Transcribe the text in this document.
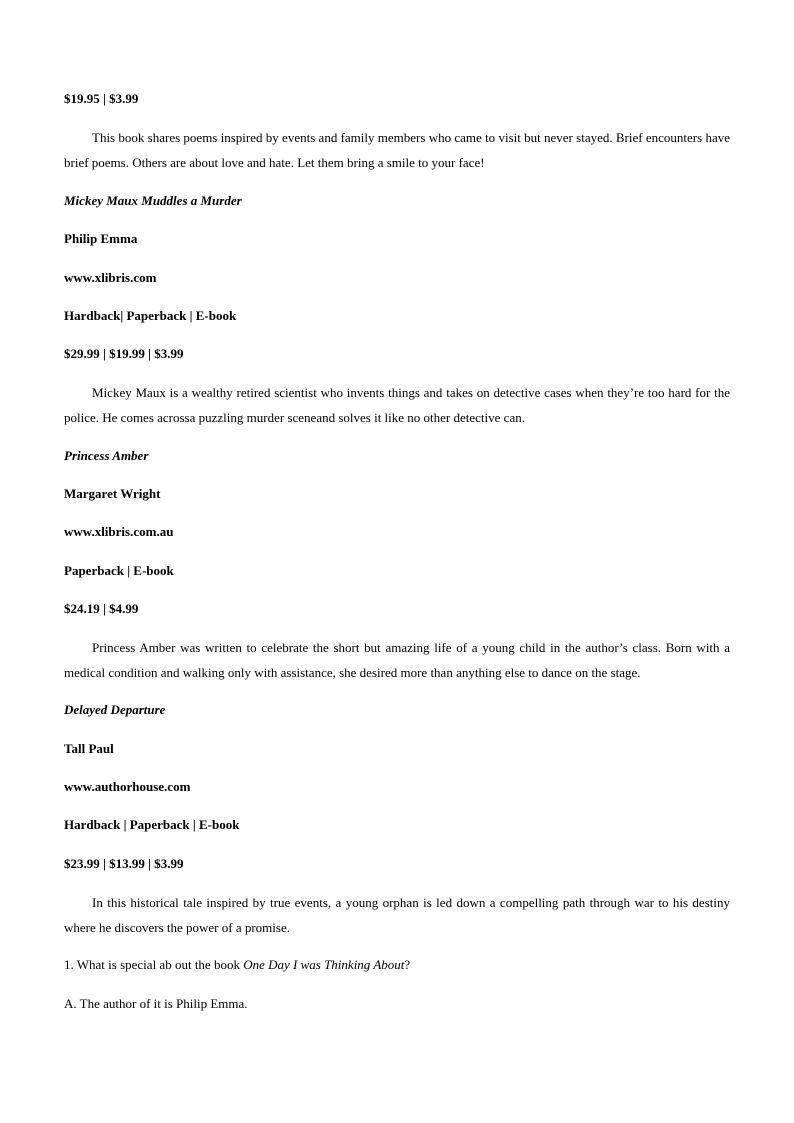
$19.95 | $3.99
This book shares poems inspired by events and family members who came to visit but never stayed. Brief encounters have brief poems. Others are about love and hate. Let them bring a smile to your face!
Mickey Maux Muddles a Murder
Philip Emma
www.xlibris.com
Hardback| Paperback | E-book
$29.99 | $19.99 | $3.99
Mickey Maux is a wealthy retired scientist who invents things and takes on detective cases when they’re too hard for the police. He comes acrossa puzzling murder sceneand solves it like no other detective can.
Princess Amber
Margaret Wright
www.xlibris.com.au
Paperback | E-book
$24.19 | $4.99
Princess Amber was written to celebrate the short but amazing life of a young child in the author’s class. Born with a medical condition and walking only with assistance, she desired more than anything else to dance on the stage.
Delayed Departure
Tall Paul
www.authorhouse.com
Hardback | Paperback | E-book
$23.99 | $13.99 | $3.99
In this historical tale inspired by true events, a young orphan is led down a compelling path through war to his destiny where he discovers the power of a promise.
1. What is special ab out the book One Day I was Thinking About?
A. The author of it is Philip Emma.
